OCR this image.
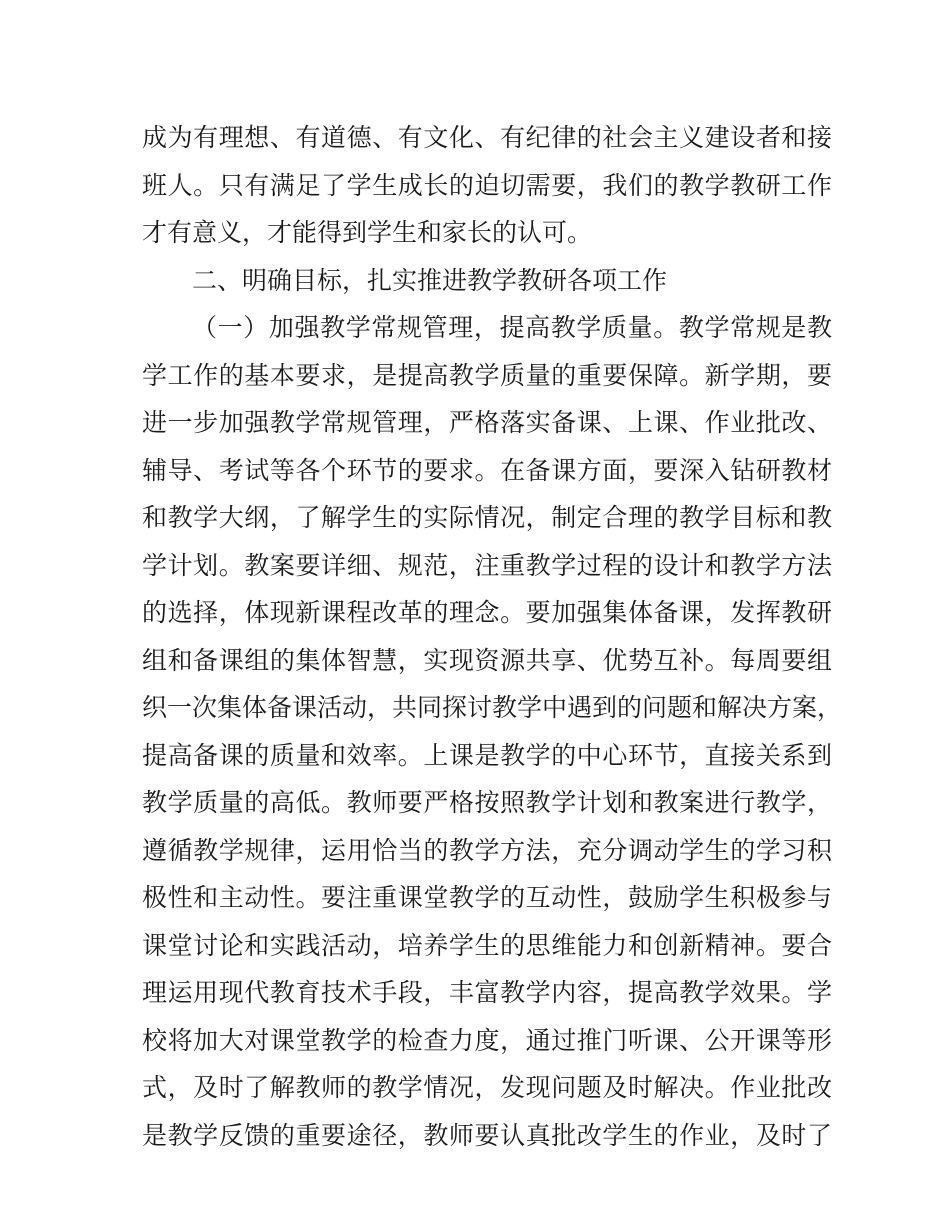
成为有理想、有道德、有文化、有纪律的社会主义建设者和接
班人。只有满足了学生成长的迫切需要，我们的教学教研工作
才有意义，才能得到学生和家长的认可。
二、明确目标，扎实推进教学教研各项工作
（一）加强教学常规管理，提高教学质量。教学常规是教
学工作的基本要求，是提高教学质量的重要保障。新学期，要
进一步加强教学常规管理，严格落实备课、上课、作业批改、
辅导、考试等各个环节的要求。在备课方面，要深入钻研教材
和教学大纲，了解学生的实际情况，制定合理的教学目标和教
学计划。教案要详细、规范，注重教学过程的设计和教学方法
的选择，体现新课程改革的理念。要加强集体备课，发挥教研
组和备课组的集体智慧，实现资源共享、优势互补。每周要组
织一次集体备课活动，共同探讨教学中遇到的问题和解决方案，
提高备课的质量和效率。上课是教学的中心环节，直接关系到
教学质量的高低。教师要严格按照教学计划和教案进行教学，
遵循教学规律，运用恰当的教学方法，充分调动学生的学习积
极性和主动性。要注重课堂教学的互动性，鼓励学生积极参与
课堂讨论和实践活动，培养学生的思维能力和创新精神。要合
理运用现代教育技术手段，丰富教学内容，提高教学效果。学
校将加大对课堂教学的检查力度，通过推门听课、公开课等形
式，及时了解教师的教学情况，发现问题及时解决。作业批改
是教学反馈的重要途径，教师要认真批改学生的作业，及时了
